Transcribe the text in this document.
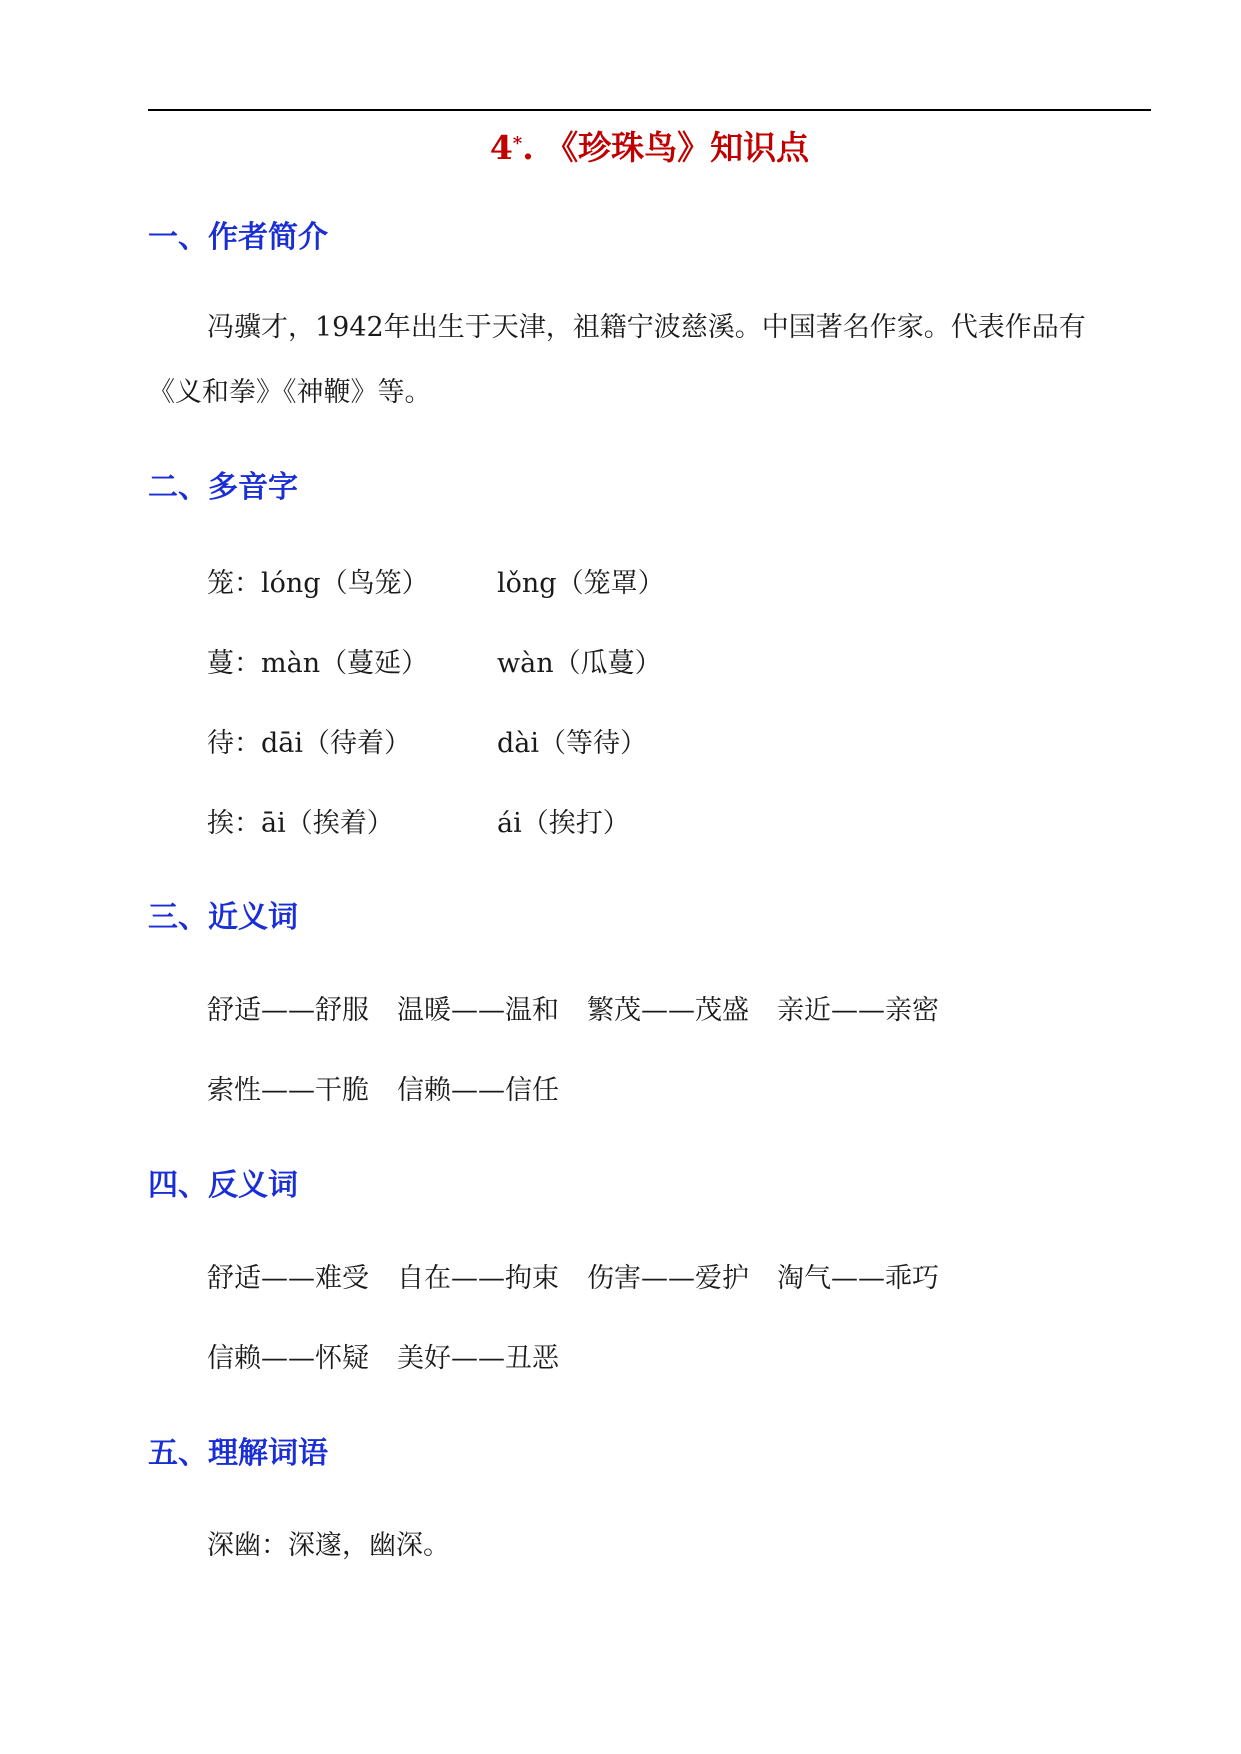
4*. 《珍珠鸟》知识点
一、作者简介
冯骥才，1942年出生于天津，祖籍宁波慈溪。中国著名作家。代表作品有
《义和拳》《神鞭》等。
二、多音字
笼：lóng（鸟笼）	lǒng（笼罩）
蔓：màn（蔓延）	wàn（瓜蔓）
待：dāi（待着）	dài（等待）
挨：āi（挨着）	ái（挨打）
三、近义词
舒适——舒服 温暖——温和 繁茂——茂盛 亲近——亲密
索性——干脆 信赖——信任
四、反义词
舒适——难受 自在——拘束 伤害——爱护 淘气——乖巧
信赖——怀疑 美好——丑恶
五、理解词语
深幽：深邃，幽深。
